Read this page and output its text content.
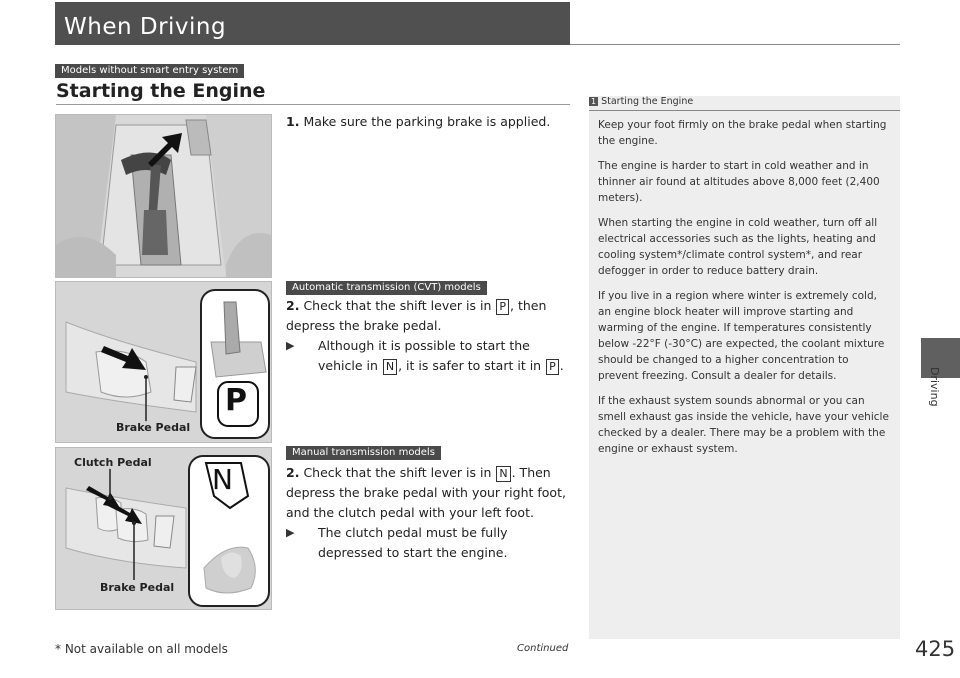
When Driving
Models without smart entry system
Starting the Engine
1. Make sure the parking brake is applied.
Automatic transmission (CVT) models
Brake Pedal
P
2. Check that the shift lever is in P , then depress the brake pedal.
▶	Although it is possible to start the vehicle in N , it is safer to start it in P .
Manual transmission models
Clutch Pedal
Brake Pedal
N	2. Check that the shift lever is in N . Then depress the brake pedal with your right foot, and the clutch pedal with your left foot.
▶	The clutch pedal must be fully depressed to start the engine.
1 Starting the Engine

Keep your foot firmly on the brake pedal when starting the engine.

The engine is harder to start in cold weather and in thinner air found at altitudes above 8,000 feet (2,400 meters).

When starting the engine in cold weather, turn off all electrical accessories such as the lights, heating and cooling system*/climate control system*, and rear defogger in order to reduce battery drain.

If you live in a region where winter is extremely cold, an engine block heater will improve starting and warming of the engine. If temperatures consistently below -22°F (-30°C) are expected, the coolant mixture should be changed to a higher concentration to prevent freezing. Consult a dealer for details.

If the exhaust system sounds abnormal or you can smell exhaust gas inside the vehicle, have your vehicle checked by a dealer. There may be a problem with the engine or exhaust system.

Driving
* Not available on all models	Continued	425
